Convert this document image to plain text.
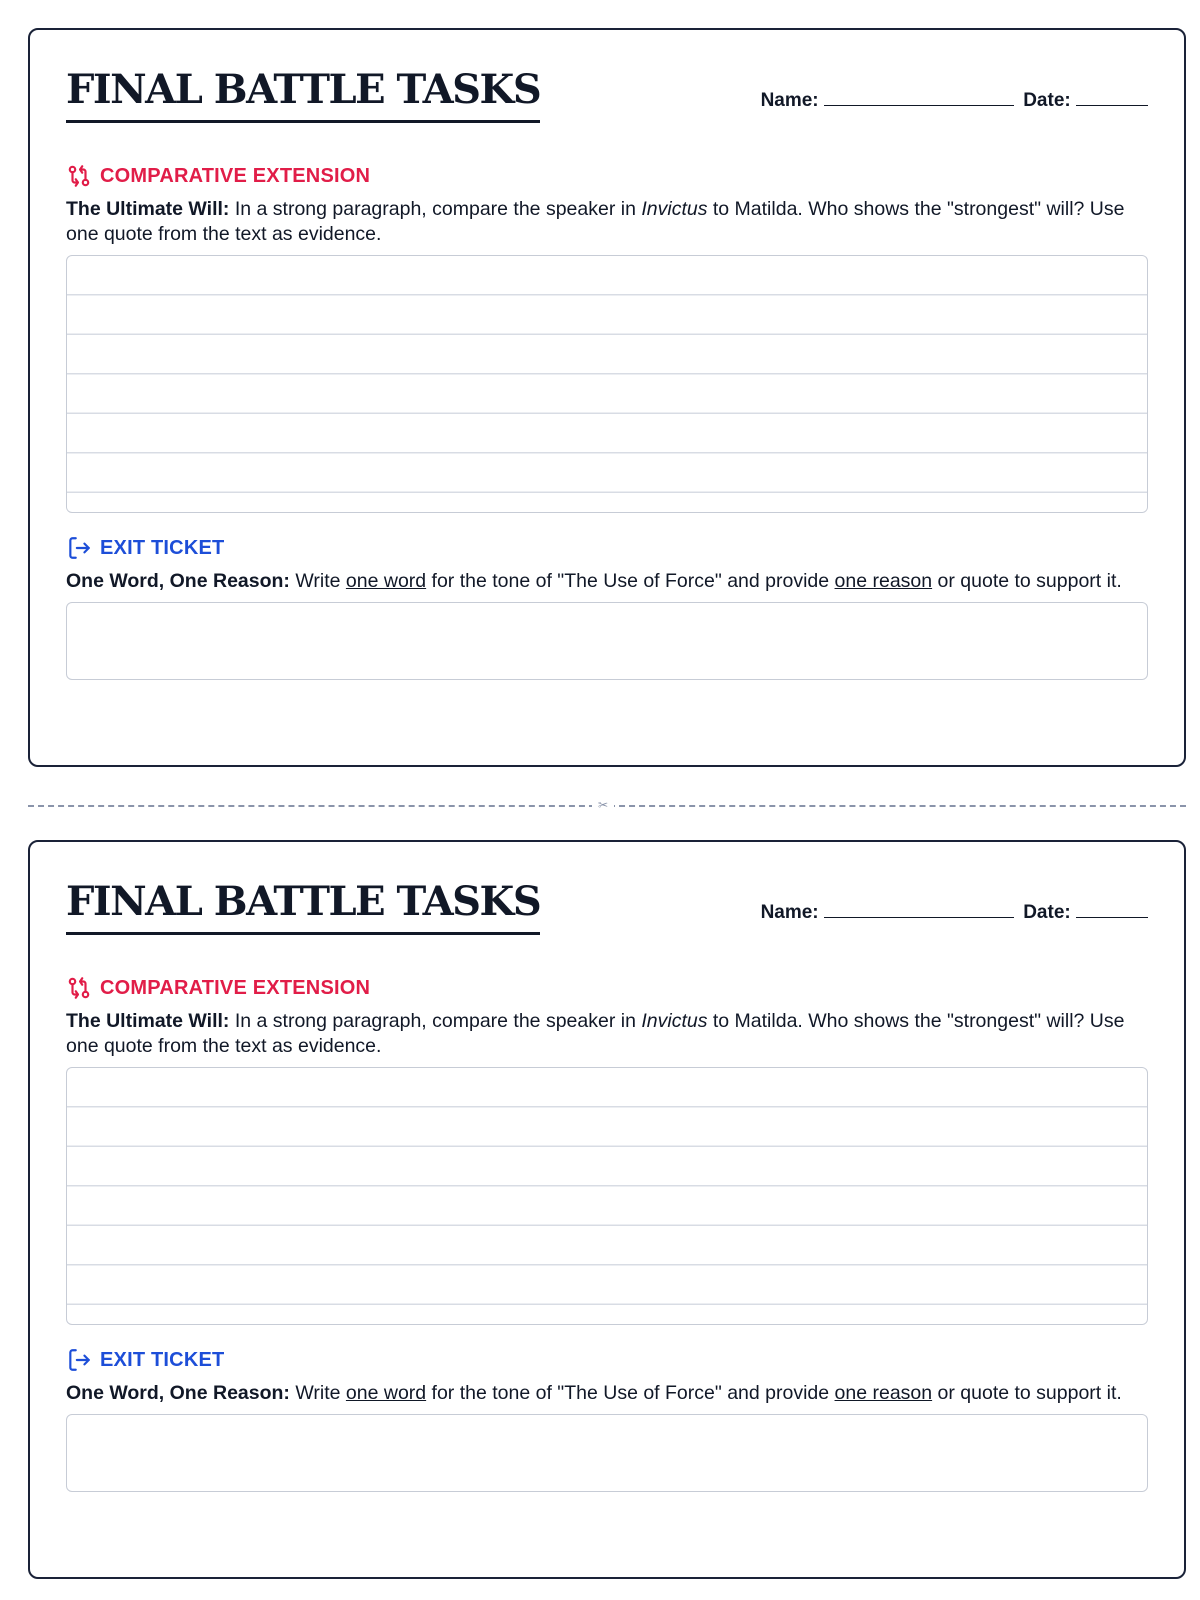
FINAL BATTLE TASKS	Name:	Date:
COMPARATIVE EXTENSION

The Ultimate Will: In a strong paragraph, compare the speaker in Invictus to Matilda. Who shows the "strongest" will? Use one quote from the text as evidence.

EXIT TICKET

One Word, One Reason: Write one word for the tone of "The Use of Force" and provide one reason or quote to support it.

✂
FINAL BATTLE TASKS	Name:	Date:
COMPARATIVE EXTENSION

The Ultimate Will: In a strong paragraph, compare the speaker in Invictus to Matilda. Who shows the "strongest" will? Use one quote from the text as evidence.

EXIT TICKET

One Word, One Reason: Write one word for the tone of "The Use of Force" and provide one reason or quote to support it.
